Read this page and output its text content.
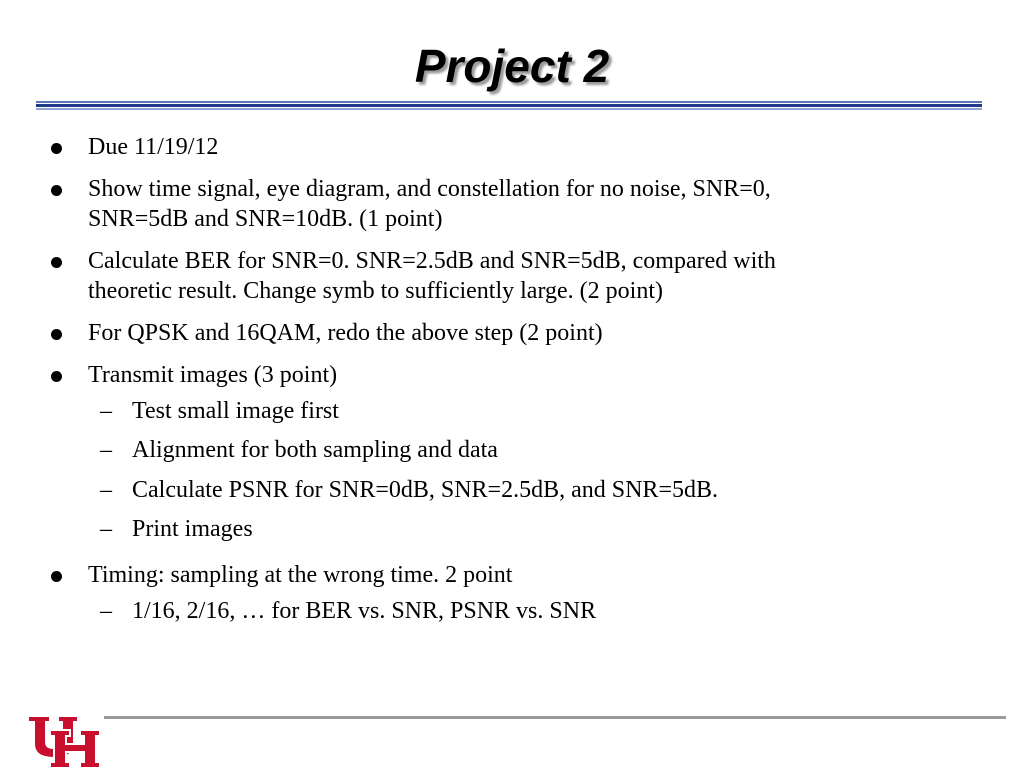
Project 2
Due 11/19/12
Show time signal, eye diagram, and constellation for no noise, SNR=0,
SNR=5dB and SNR=10dB. (1 point)
Calculate BER for SNR=0. SNR=2.5dB and SNR=5dB, compared with
theoretic result. Change symb to sufficiently large. (2 point)
For QPSK and 16QAM, redo the above step (2 point)
Transmit images (3 point)
– Test small image first
– Alignment for both sampling and data
– Calculate PSNR for SNR=0dB, SNR=2.5dB, and SNR=5dB.
– Print images
Timing: sampling at the wrong time. 2 point
– 1/16, 2/16, … for BER vs. SNR, PSNR vs. SNR
